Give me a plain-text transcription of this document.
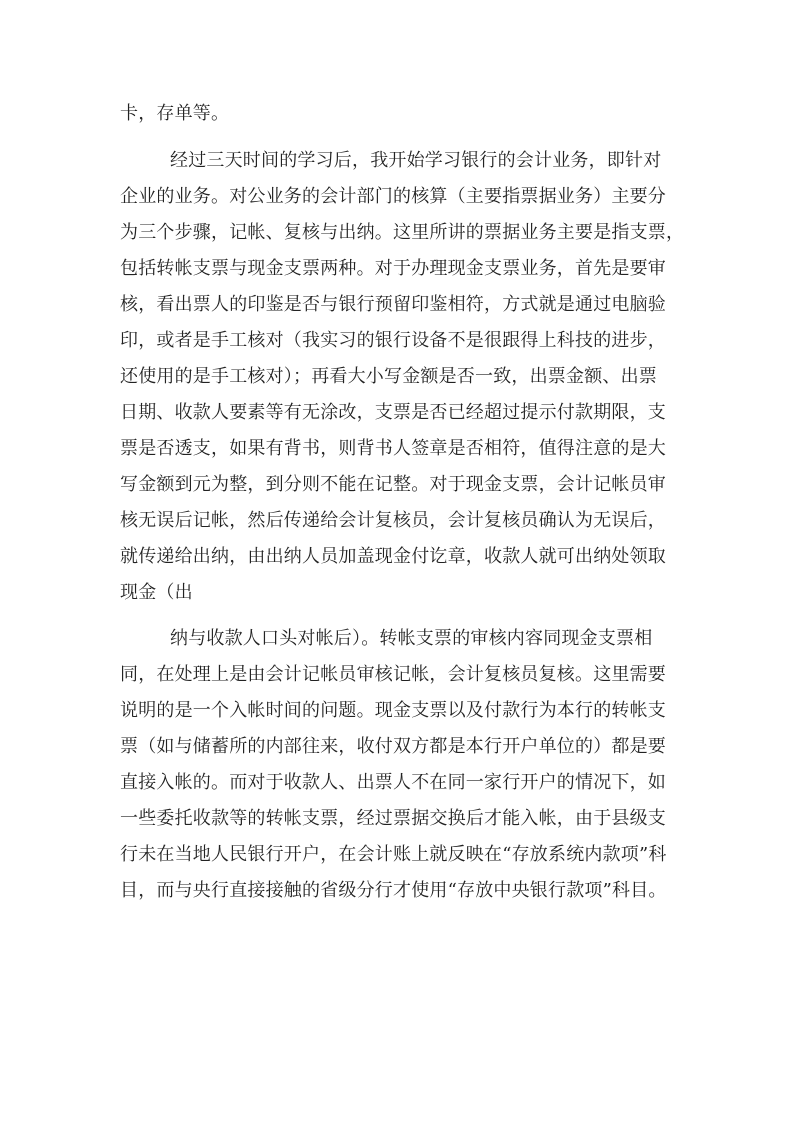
卡，存单等。

经过三天时间的学习后，我开始学习银行的会计业务，即针对

企业的业务。对公业务的会计部门的核算（主要指票据业务）主要分

为三个步骤，记帐、复核与出纳。这里所讲的票据业务主要是指支票，

包括转帐支票与现金支票两种。对于办理现金支票业务，首先是要审

核，看出票人的印鉴是否与银行预留印鉴相符，方式就是通过电脑验

印，或者是手工核对（我实习的银行设备不是很跟得上科技的进步，

还使用的是手工核对）；再看大小写金额是否一致，出票金额、出票

日期、收款人要素等有无涂改，支票是否已经超过提示付款期限，支

票是否透支，如果有背书，则背书人签章是否相符，值得注意的是大

写金额到元为整，到分则不能在记整。对于现金支票，会计记帐员审

核无误后记帐，然后传递给会计复核员，会计复核员确认为无误后，

就传递给出纳，由出纳人员加盖现金付讫章，收款人就可出纳处领取

现金（出

纳与收款人口头对帐后）。转帐支票的审核内容同现金支票相

同，在处理上是由会计记帐员审核记帐，会计复核员复核。这里需要

说明的是一个入帐时间的问题。现金支票以及付款行为本行的转帐支

票（如与储蓄所的内部往来，收付双方都是本行开户单位的）都是要

直接入帐的。而对于收款人、出票人不在同一家行开户的情况下，如

一些委托收款等的转帐支票，经过票据交换后才能入帐，由于县级支

行未在当地人民银行开户，在会计账上就反映在“存放系统内款项”科

目，而与央行直接接触的省级分行才使用“存放中央银行款项”科目。
